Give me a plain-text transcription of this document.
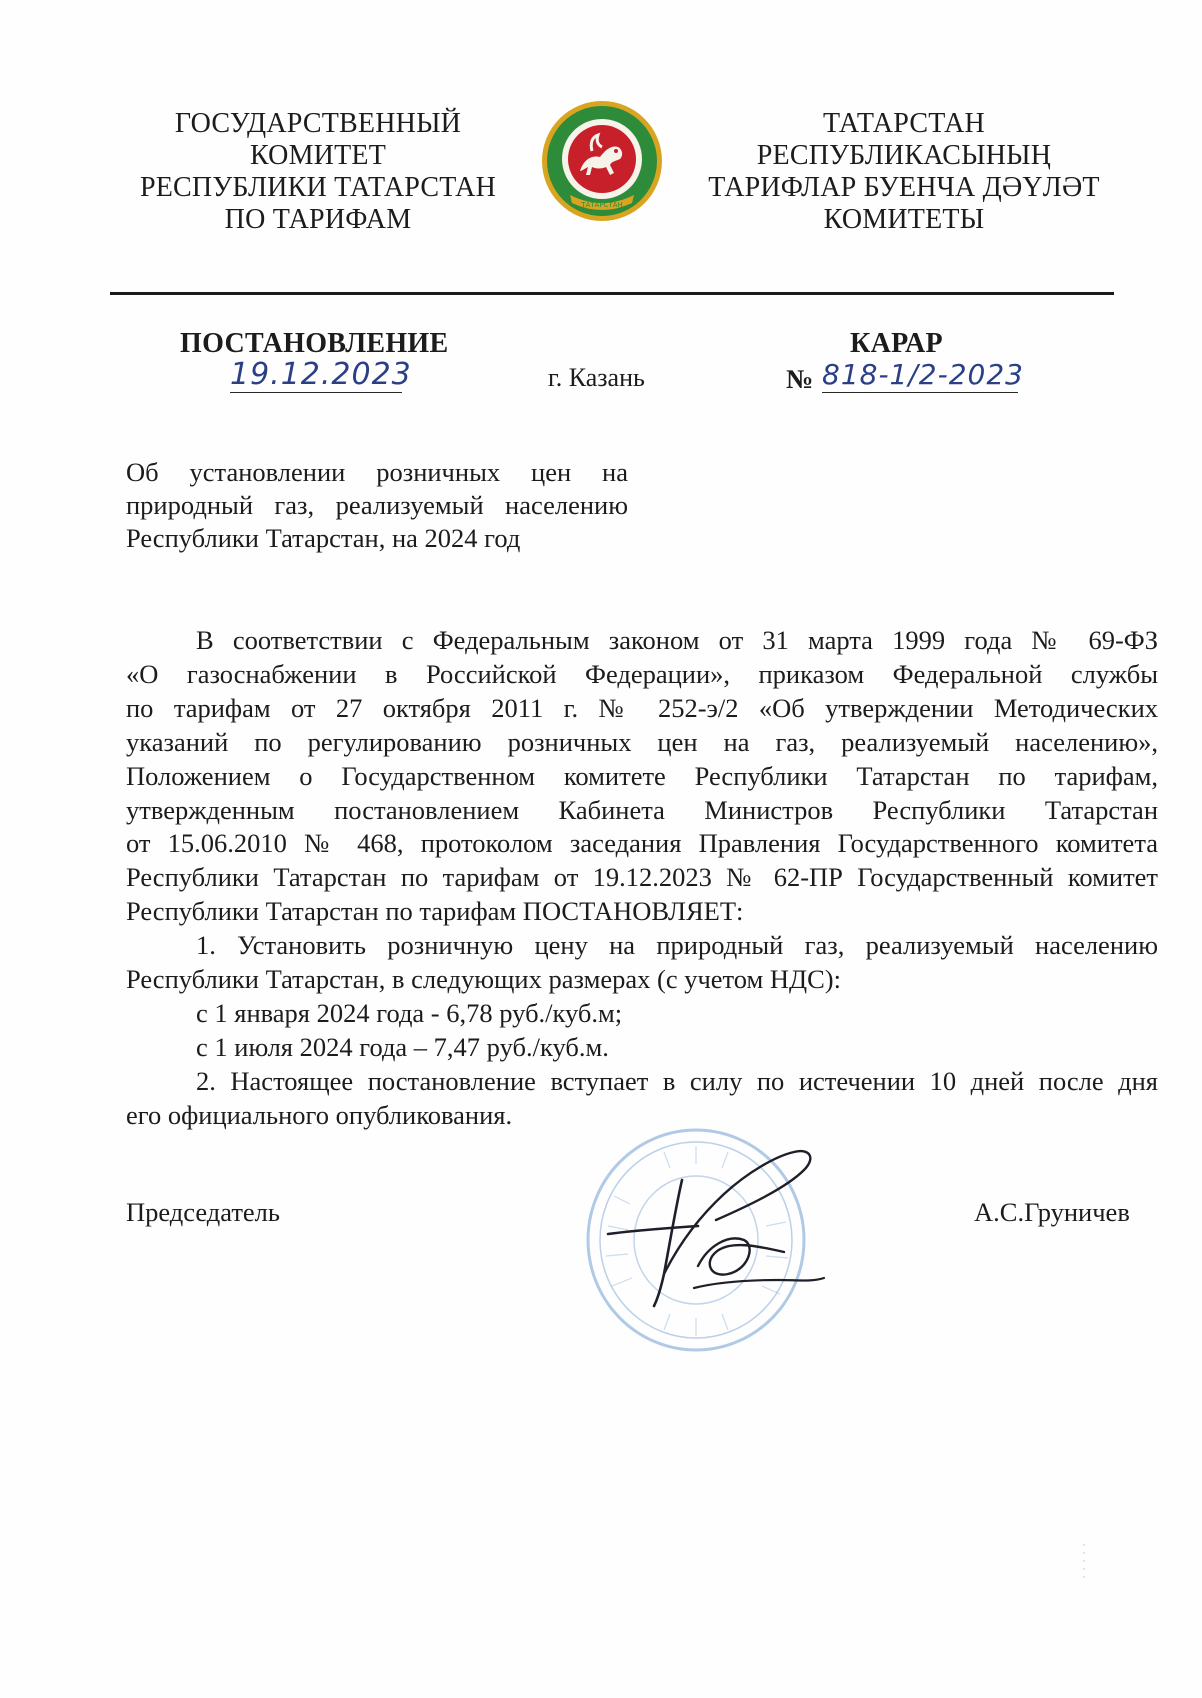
ГОСУДАРСТВЕННЫЙ
КОМИТЕТ
РЕСПУБЛИКИ ТАТАРСТАН
ПО ТАРИФАМ	ТАТАРСТАН
ТАТАРСТАН
РЕСПУБЛИКАСЫНЫҢ
ТАРИФЛАР БУЕНЧА ДӘҮЛӘТ
КОМИТЕТЫ
ПОСТАНОВЛЕНИЕ	КАРАР
19.12.2023	г. Казань	№ 818-1/2-2023
Об установлении розничных цен на
природный газ, реализуемый населению
Республики Татарстан, на 2024 год
В соответствии с Федеральным законом от 31 марта 1999 года № 69-ФЗ
«О газоснабжении в Российской Федерации», приказом Федеральной службы
по тарифам от 27 октября 2011 г. № 252-э/2 «Об утверждении Методических
указаний по регулированию розничных цен на газ, реализуемый населению»,
Положением о Государственном комитете Республики Татарстан по тарифам,
утвержденным постановлением Кабинета Министров Республики Татарстан
от 15.06.2010 № 468, протоколом заседания Правления Государственного комитета
Республики Татарстан по тарифам от 19.12.2023 № 62-ПР Государственный комитет
Республики Татарстан по тарифам ПОСТАНОВЛЯЕТ:
1. Установить розничную цену на природный газ, реализуемый населению
Республики Татарстан, в следующих размерах (с учетом НДС):
с 1 января 2024 года - 6,78 руб./куб.м;
с 1 июля 2024 года – 7,47 руб./куб.м.
2. Настоящее постановление вступает в силу по истечении 10 дней после дня
его официального опубликования.
Председатель	А.С.Груничев
